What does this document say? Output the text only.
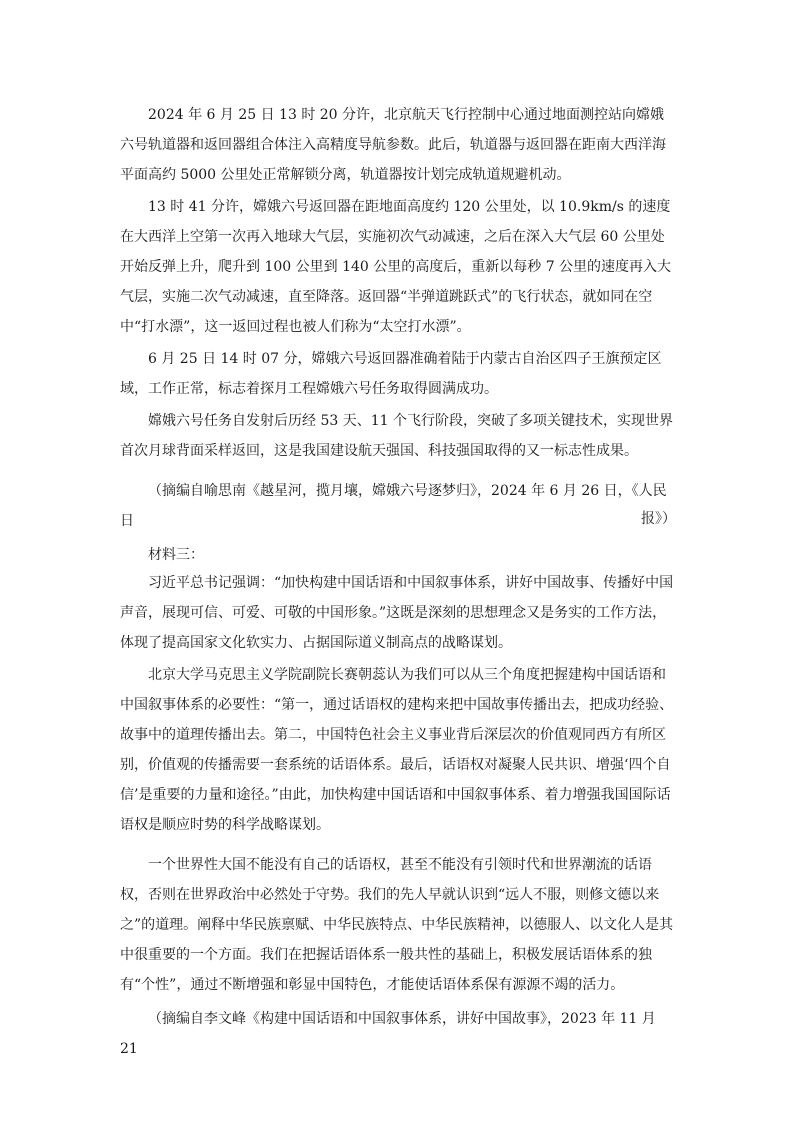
2024 年 6 月 25 日 13 时 20 分许，北京航天飞行控制中心通过地面测控站向嫦娥六号轨道器和返回器组合体注入高精度导航参数。此后，轨道器与返回器在距南大西洋海平面高约 5000 公里处正常解锁分离，轨道器按计划完成轨道规避机动。

13 时 41 分许，嫦娥六号返回器在距地面高度约 120 公里处，以 10.9km/s 的速度在大西洋上空第一次再入地球大气层，实施初次气动减速，之后在深入大气层 60 公里处开始反弹上升，爬升到 100 公里到 140 公里的高度后，重新以每秒 7 公里的速度再入大气层，实施二次气动减速，直至降落。返回器“半弹道跳跃式”的飞行状态，就如同在空中“打水漂”，这一返回过程也被人们称为“太空打水漂”。

6 月 25 日 14 时 07 分，嫦娥六号返回器准确着陆于内蒙古自治区四子王旗预定区域，工作正常，标志着探月工程嫦娥六号任务取得圆满成功。

嫦娥六号任务自发射后历经 53 天、11 个飞行阶段，突破了多项关键技术，实现世界首次月球背面采样返回，这是我国建设航天强国、科技强国取得的又一标志性成果。

（摘编自喻思南《越星河，揽月壤，嫦娥六号逐梦归》，2024 年 6 月 26 日，《人民日	报》）

材料三：

习近平总书记强调：“加快构建中国话语和中国叙事体系，讲好中国故事、传播好中国声音，展现可信、可爱、可敬的中国形象。”这既是深刻的思想理念又是务实的工作方法，体现了提高国家文化软实力、占据国际道义制高点的战略谋划。

北京大学马克思主义学院副院长赛朝蕊认为我们可以从三个角度把握建构中国话语和中国叙事体系的必要性：“第一，通过话语权的建构来把中国故事传播出去，把成功经验、故事中的道理传播出去。第二，中国特色社会主义事业背后深层次的价值观同西方有所区别，价值观的传播需要一套系统的话语体系。最后，话语权对凝聚人民共识、增强‘四个自信’是重要的力量和途径。”由此，加快构建中国话语和中国叙事体系、着力增强我国国际话语权是顺应时势的科学战略谋划。

一个世界性大国不能没有自己的话语权，甚至不能没有引领时代和世界潮流的话语权，否则在世界政治中必然处于守势。我们的先人早就认识到“远人不服，则修文德以来之”的道理。阐释中华民族禀赋、中华民族特点、中华民族精神，以德服人、以文化人是其中很重要的一个方面。我们在把握话语体系一般共性的基础上，积极发展话语体系的独有“个性”，通过不断增强和彰显中国特色，才能使话语体系保有源源不竭的活力。

（摘编自李文峰《构建中国话语和中国叙事体系，讲好中国故事》，2023 年 11 月 21
